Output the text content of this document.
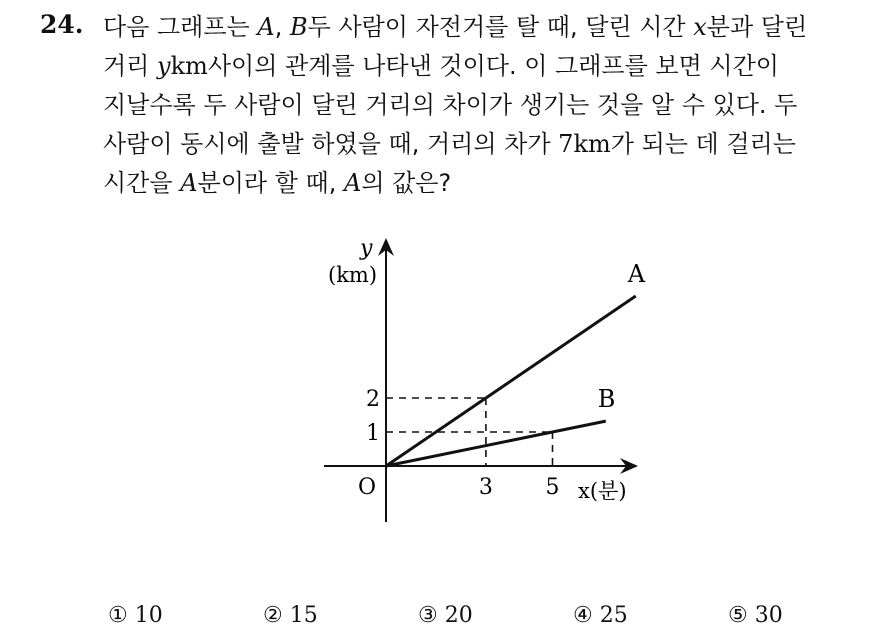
24. 다음 그래프는 A, B두 사람이 자전거를 탈 때, 달린 시간 x분과 달린
거리 ykm사이의 관계를 나타낸 것이다. 이 그래프를 보면 시간이
지날수록 두 사람이 달린 거리의 차이가 생기는 것을 알 수 있다. 두
사람이 동시에 출발 하였을 때, 거리의 차가 7km가 되는 데 걸리는
시간을 A분이라 할 때, A의 값은?
y
(km)
O	x(분)
3 5
2
1
A
B
① 10	② 15	③ 20	④ 25	⑤ 30
